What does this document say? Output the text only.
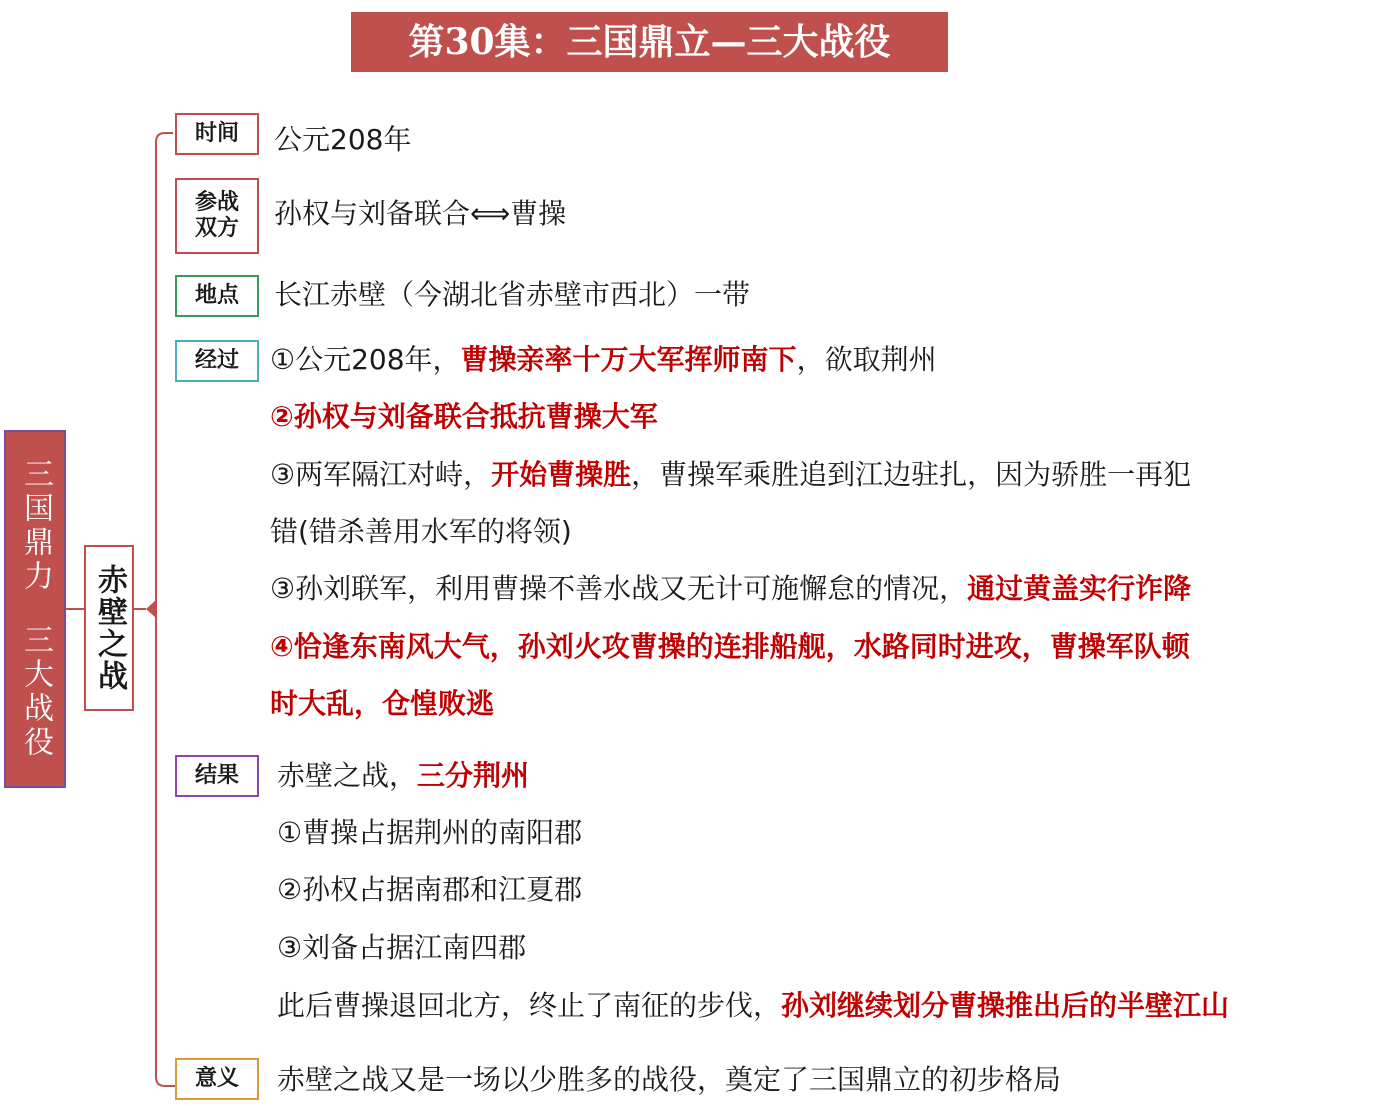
第30集：三国鼎立—三大战役
三国鼎力
三大战役 赤壁之战
时间 公元208年
参战
双方 孙权与刘备联合⟺曹操
地点 长江赤壁（今湖北省赤壁市西北）一带
经过 ①公元208年，曹操亲率十万大军挥师南下，欲取荆州
②孙权与刘备联合抵抗曹操大军
③两军隔江对峙，开始曹操胜，曹操军乘胜追到江边驻扎，因为骄胜一再犯
错(错杀善用水军的将领)
③孙刘联军，利用曹操不善水战又无计可施懈怠的情况，通过黄盖实行诈降
④恰逢东南风大气，孙刘火攻曹操的连排船舰，水路同时进攻，曹操军队顿
时大乱，仓惶败逃
结果 赤壁之战，三分荆州
①曹操占据荆州的南阳郡
②孙权占据南郡和江夏郡
③刘备占据江南四郡
此后曹操退回北方，终止了南征的步伐，孙刘继续划分曹操推出后的半壁江山
意义 赤壁之战又是一场以少胜多的战役，奠定了三国鼎立的初步格局
